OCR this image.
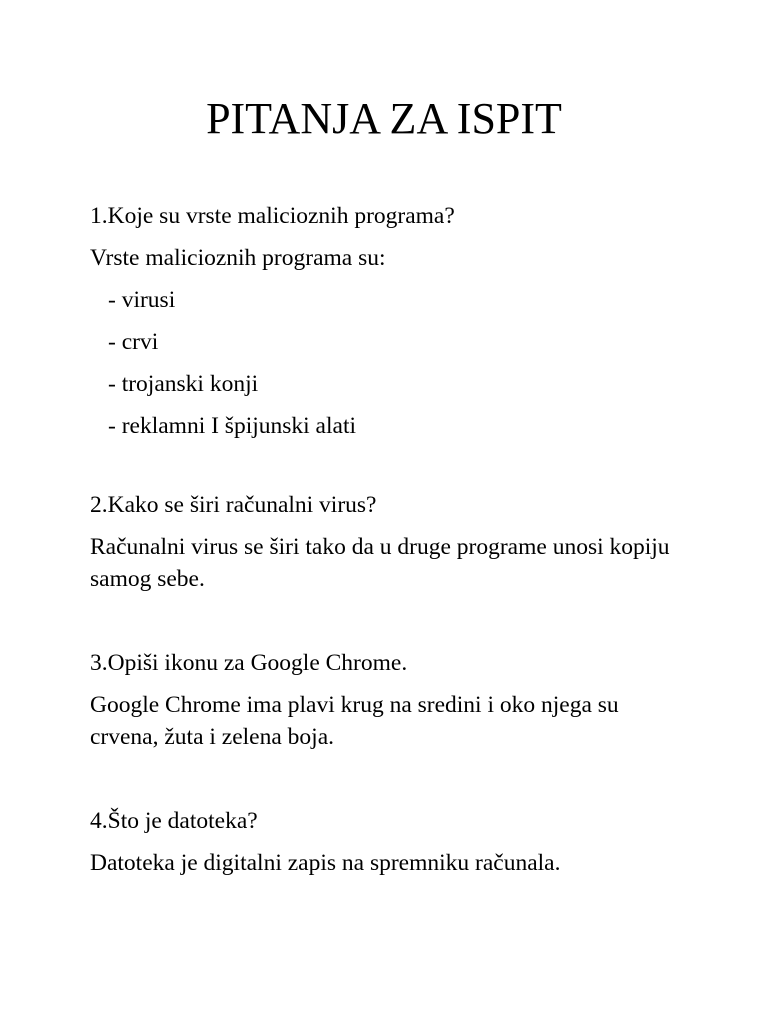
PITANJA ZA ISPIT

1.Koje su vrste malicioznih programa?

Vrste malicioznih programa su:

- virusi
- crvi
- trojanski konji
- reklamni I špijunski alati

2.Kako se širi računalni virus?

Računalni virus se širi tako da u druge programe unosi kopiju samog sebe.

3.Opiši ikonu za Google Chrome.

Google Chrome ima plavi krug na sredini i oko njega su crvena, žuta i zelena boja.

4.Što je datoteka?

Datoteka je digitalni zapis na spremniku računala.
